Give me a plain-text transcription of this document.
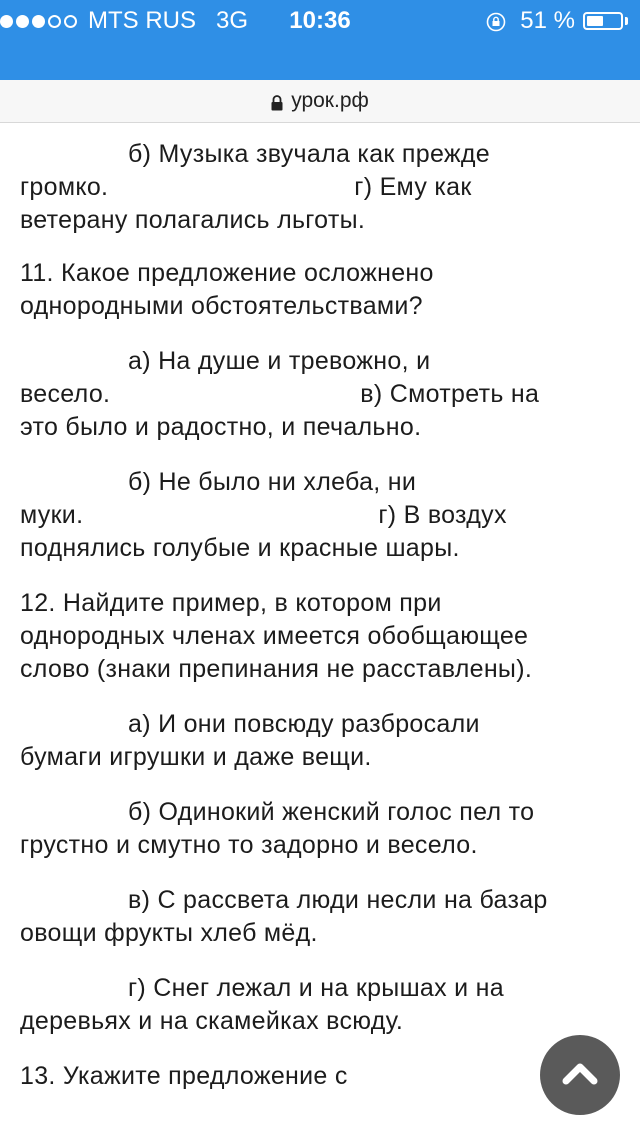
MTS RUS 3G	10:36	51 %
урок.рф
б) Музыка звучала как прежде
громко.	г) Ему как
ветерану полагались льготы.
11. Какое предложение осложнено
однородными обстоятельствами?
а) На душе и тревожно, и
весело.	в) Смотреть на
это было и радостно, и печально.
б) Не было ни хлеба, ни
муки.	г) В воздух
поднялись голубые и красные шары.
12. Найдите пример, в котором при
однородных членах имеется обобщающее
слово (знаки препинания не расставлены).
а) И они повсюду разбросали
бумаги игрушки и даже вещи.
б) Одинокий женский голос пел то
грустно и смутно то задорно и весело.
в) С рассвета люди несли на базар
овощи фрукты хлеб мёд.
г) Снег лежал и на крышах и на
деревьях и на скамейках всюду.
13. Укажите предложение с
